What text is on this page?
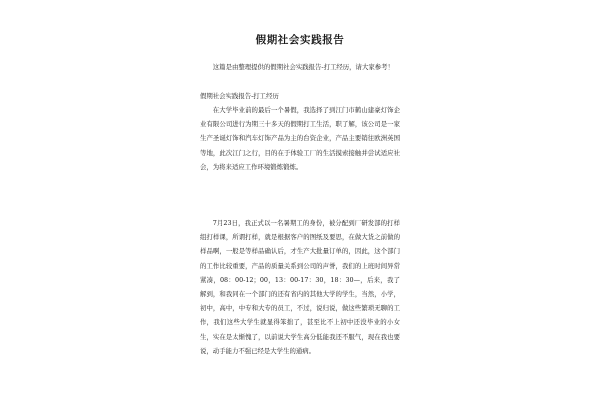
假期社会实践报告

这篇是由整理提供的假期社会实践报告-打工经历，请大家参考！

假期社会实践报告-打工经历

在大学毕业前的最后一个暑假，我选择了到江门市鹤山建豪灯饰企业有限公司进行为期三十多天的假期打工生活，职了解，该公司是一家生产圣诞灯饰和汽车灯饰产品为主的台资企业，产品主要销往欧洲英国等地，此次江门之行，目的在于体验工厂的生活摸索接触并尝试适应社会，为将来适应工作环境锻炼锻炼。

7月23日，我正式以一名暑期工的身份，被分配到厂研发部的打样组打样课，所谓打样，就是根据客户的图纸及要思，在做大货之前做的样品啊，一般是等样品确认后，才生产大批量订单的，因此，这个部门的工作比较重要，产品的质量关系到公司的声誉，我们的上班时间异常紧凑，08：00-12；00，13：00-17：30，18：30—，后来，我了解到，和我同在一个部门的还有省内的其他大学的学生，当然，小学，初中，高中，中专和大专的员工，不过，说归说，做这些繁琐无聊的工作，我们这些大学生就显得笨拙了，甚至比不上初中还没毕业的小女生，实在是太惭愧了，以前说大学生高分低能我还不服气，现在我也要说，动手能力不强已经是大学生的通病。
